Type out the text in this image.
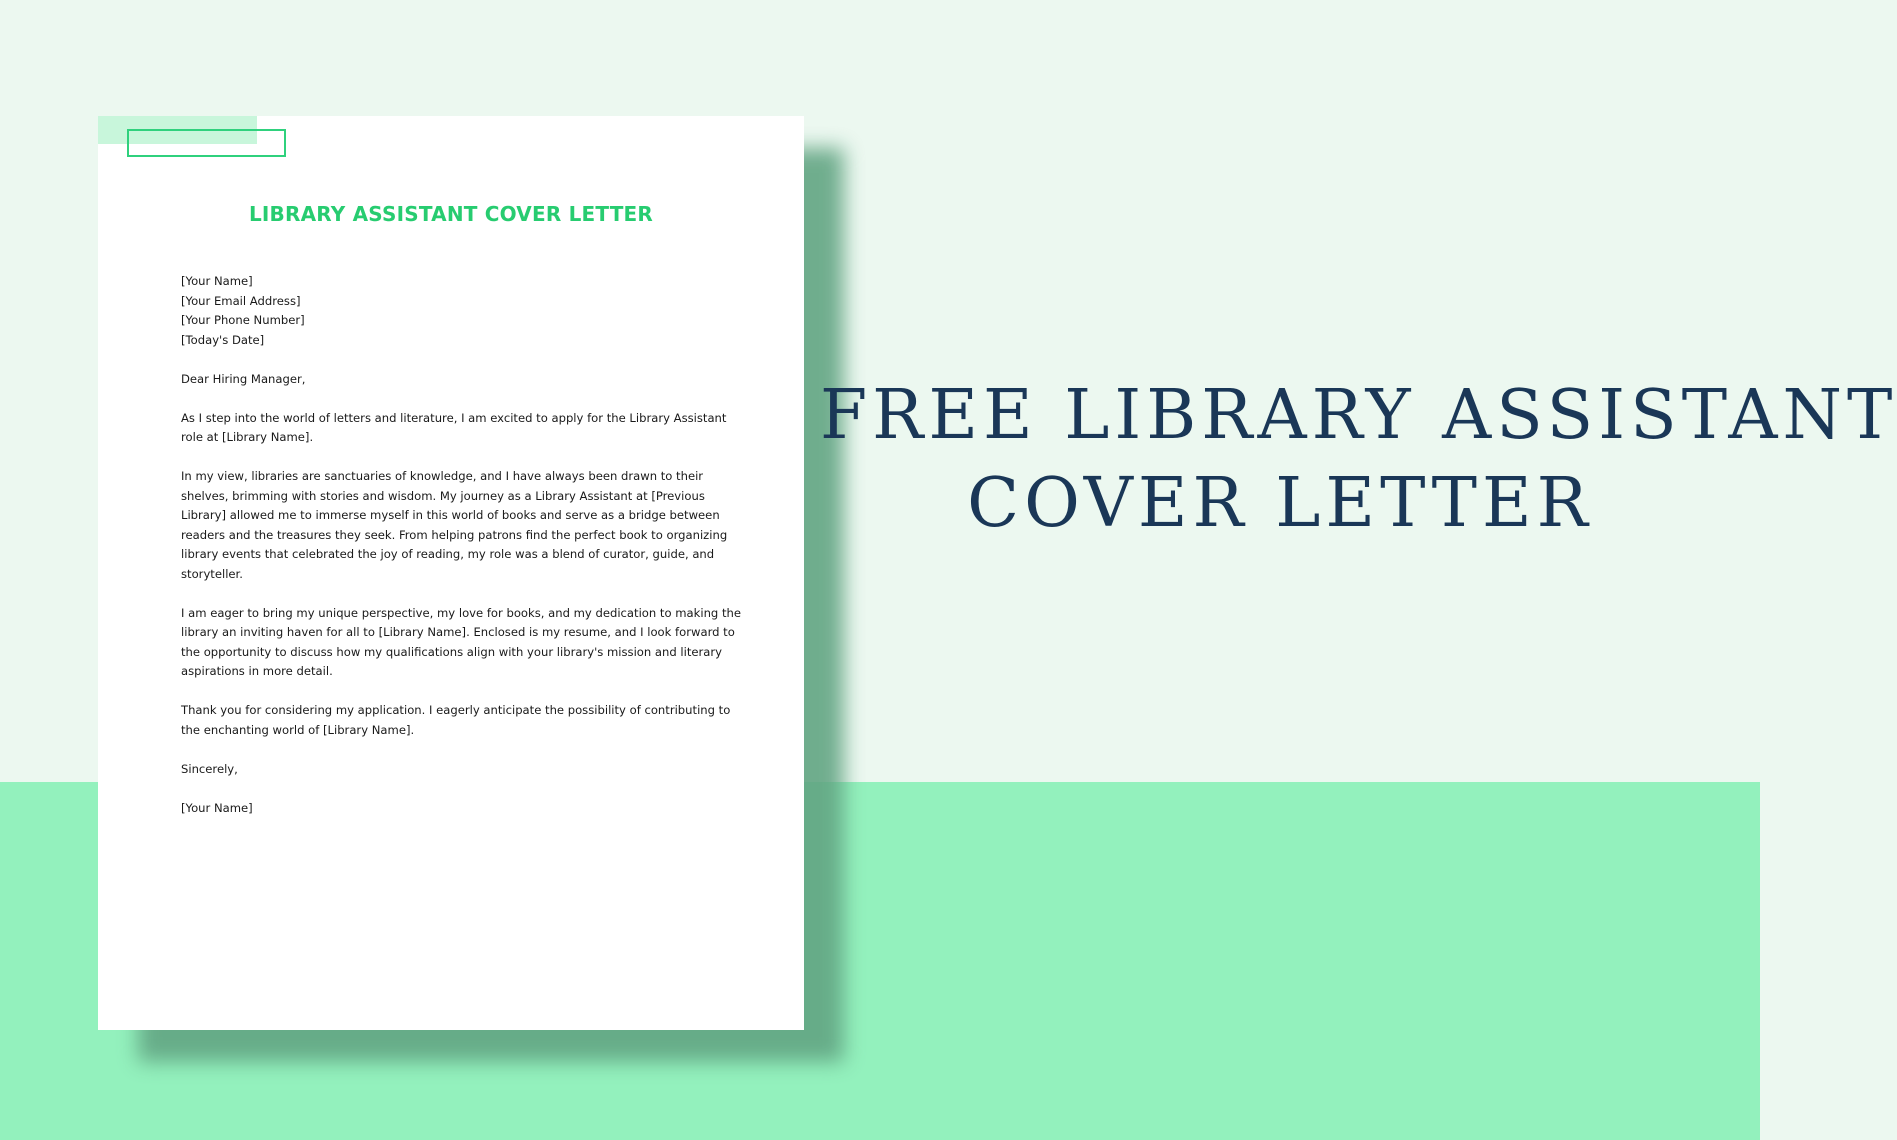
LIBRARY ASSISTANT COVER LETTER

[Your Name]
[Your Email Address]
[Your Phone Number]
[Today's Date]

Dear Hiring Manager,

As I step into the world of letters and literature, I am excited to apply for the Library Assistant role at [Library Name].

In my view, libraries are sanctuaries of knowledge, and I have always been drawn to their shelves, brimming with stories and wisdom. My journey as a Library Assistant at [Previous Library] allowed me to immerse myself in this world of books and serve as a bridge between readers and the treasures they seek. From helping patrons find the perfect book to organizing library events that celebrated the joy of reading, my role was a blend of curator, guide, and storyteller.

I am eager to bring my unique perspective, my love for books, and my dedication to making the library an inviting haven for all to [Library Name]. Enclosed is my resume, and I look forward to the opportunity to discuss how my qualifications align with your library's mission and literary aspirations in more detail.

Thank you for considering my application. I eagerly anticipate the possibility of contributing to the enchanting world of [Library Name].

Sincerely,

[Your Name]

FREE LIBRARY ASSISTANT
COVER LETTER
